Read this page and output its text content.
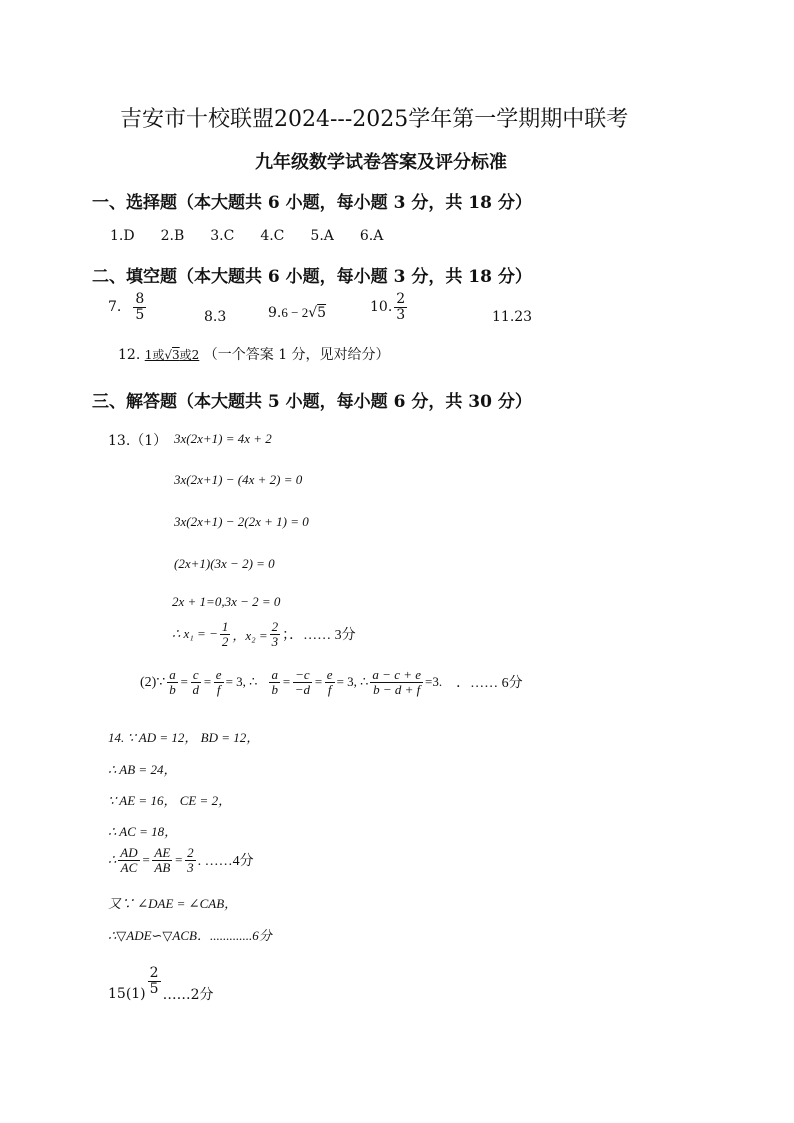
吉安市十校联盟2024---2025学年第一学期期中联考
九年级数学试卷答案及评分标准
一、选择题（本大题共 6 小题，每小题 3 分，共 18 分）
1.D 2.B 3.C 4.C 5.A 6.A
二、填空题（本大题共 6 小题，每小题 3 分，共 18 分）
7. $\frac{8}{5}$	8.3	9.6 − 2√5	10. $\frac{2}{3}$	11.23
12. 1或√3或2 （一个答案 1 分，见对给分）
三、解答题（本大题共 5 小题，每小题 6 分，共 30 分）
13.（1） 3x(2x+1) = 4x + 2
3x(2x+1) − (4x + 2) = 0
3x(2x+1) − 2(2x + 1) = 0
(2x+1)(3x − 2) = 0
2x + 1=0,3x − 2 = 0
∴ x₁ = − $\frac{1}{2}$ ，$x_2 = \frac{2}{3}$ ；．…… 3分
(2)∵ $\frac{a}{b} = \frac{c}{d} = \frac{e}{f} = 3$, ∴ $\frac{a}{b} = \frac{-c}{-d} = \frac{e}{f} = 3$, ∴ $\frac{a - c + e}{b - d + f} =3$. ．…… 6分
14. ∵ AD = 12， BD = 12，
∴ AB = 24，
∵ AE = 16， CE = 2，
∴ AC = 18，
∴ $\frac{AD}{AC} = \frac{AE}{AB} = \frac{2}{3}$ . ……4分
又∵ ∠DAE = ∠CAB，
∴▽ADE∽▽ACB．.............6分
$15(1) \frac{2}{5}$ ……2分
